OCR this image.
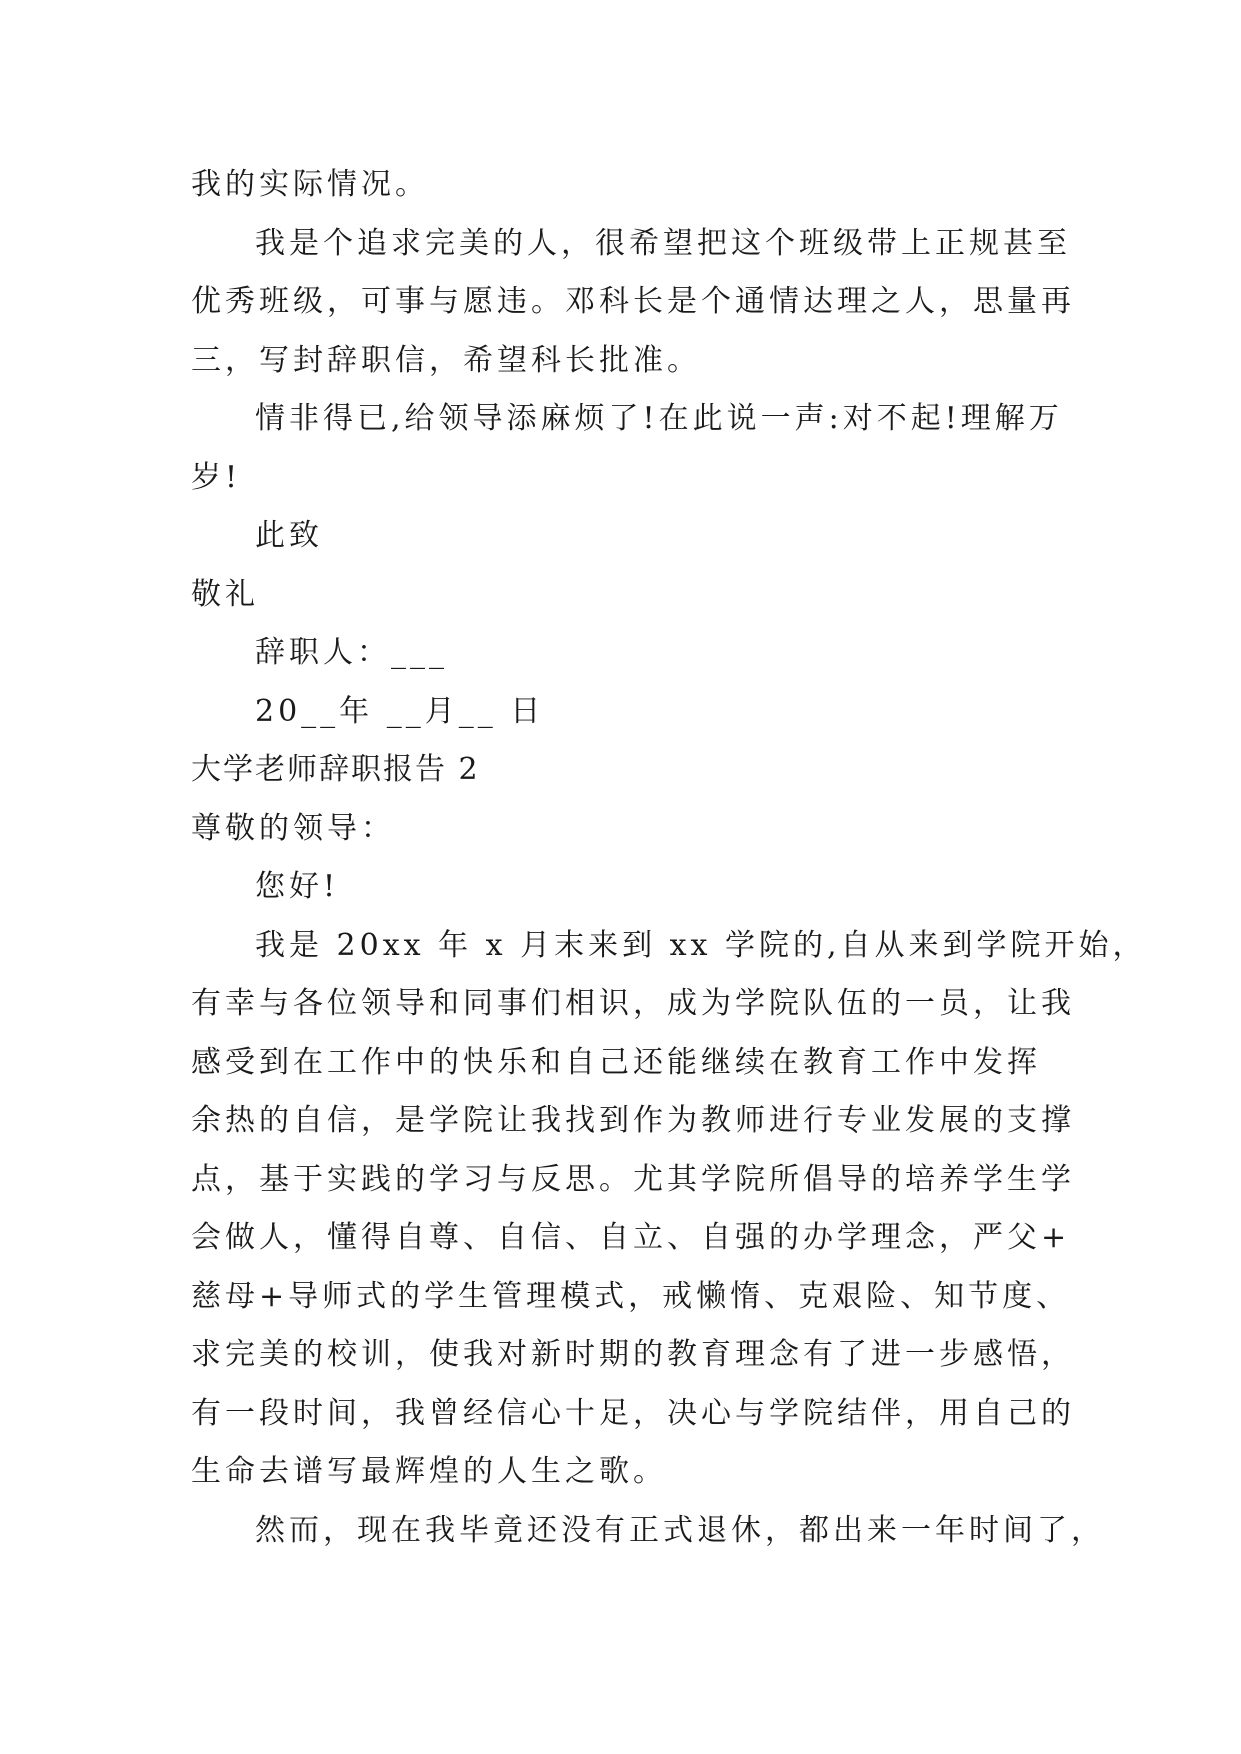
我的实际情况。
我是个追求完美的人，很希望把这个班级带上正规甚至
优秀班级，可事与愿违。邓科长是个通情达理之人，思量再
三，写封辞职信，希望科长批准。
情非得已,给领导添麻烦了!在此说一声:对不起!理解万
岁!
此致
敬礼
辞职人：___
20__年 __月__ 日
大学老师辞职报告 2
尊敬的领导：
您好!
我是 20xx 年 x 月末来到 xx 学院的,自从来到学院开始，
有幸与各位领导和同事们相识，成为学院队伍的一员，让我
感受到在工作中的快乐和自己还能继续在教育工作中发挥
余热的自信，是学院让我找到作为教师进行专业发展的支撑
点，基于实践的学习与反思。尤其学院所倡导的培养学生学
会做人，懂得自尊、自信、自立、自强的办学理念，严父+
慈母+导师式的学生管理模式，戒懒惰、克艰险、知节度、
求完美的校训，使我对新时期的教育理念有了进一步感悟，
有一段时间，我曾经信心十足，决心与学院结伴，用自己的
生命去谱写最辉煌的人生之歌。
然而，现在我毕竟还没有正式退休，都出来一年时间了，
